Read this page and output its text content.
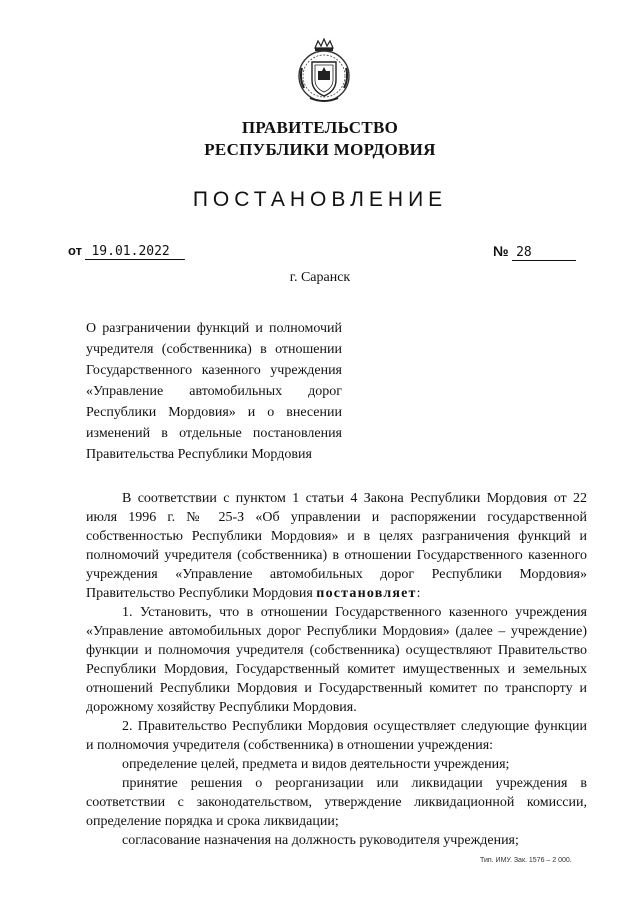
ПРАВИТЕЛЬСТВО
РЕСПУБЛИКИ МОРДОВИЯ
ПОСТАНОВЛЕНИЕ
от 19.01.2022	№ 28
г. Саранск
О разграничении функций и полномочий учредителя (собственника) в отношении Государственного казенного учреждения «Управление автомобильных дорог Республики Мордовия» и о внесении изменений в отдельные постановления Правительства Республики Мордовия

В соответствии с пунктом 1 статьи 4 Закона Республики Мордовия от 22 июля 1996 г. № 25-З «Об управлении и распоряжении государственной собственностью Республики Мордовия» и в целях разграничения функций и полномочий учредителя (собственника) в отношении Государственного казенного учреждения «Управление автомобильных дорог Республики Мордовия» Правительство Республики Мордовия постановляет:

1. Установить, что в отношении Государственного казенного учреждения «Управление автомобильных дорог Республики Мордовия» (далее – учреждение) функции и полномочия учредителя (собственника) осуществляют Правительство Республики Мордовия, Государственный комитет имущественных и земельных отношений Республики Мордовия и Государственный комитет по транспорту и дорожному хозяйству Республики Мордовия.

2. Правительство Республики Мордовия осуществляет следующие функции и полномочия учредителя (собственника) в отношении учреждения:

определение целей, предмета и видов деятельности учреждения;

принятие решения о реорганизации или ликвидации учреждения в соответствии с законодательством, утверждение ликвидационной комиссии, определение порядка и срока ликвидации;

согласование назначения на должность руководителя учреждения;

Тип. ИМУ. Зак. 1576 – 2 000.
